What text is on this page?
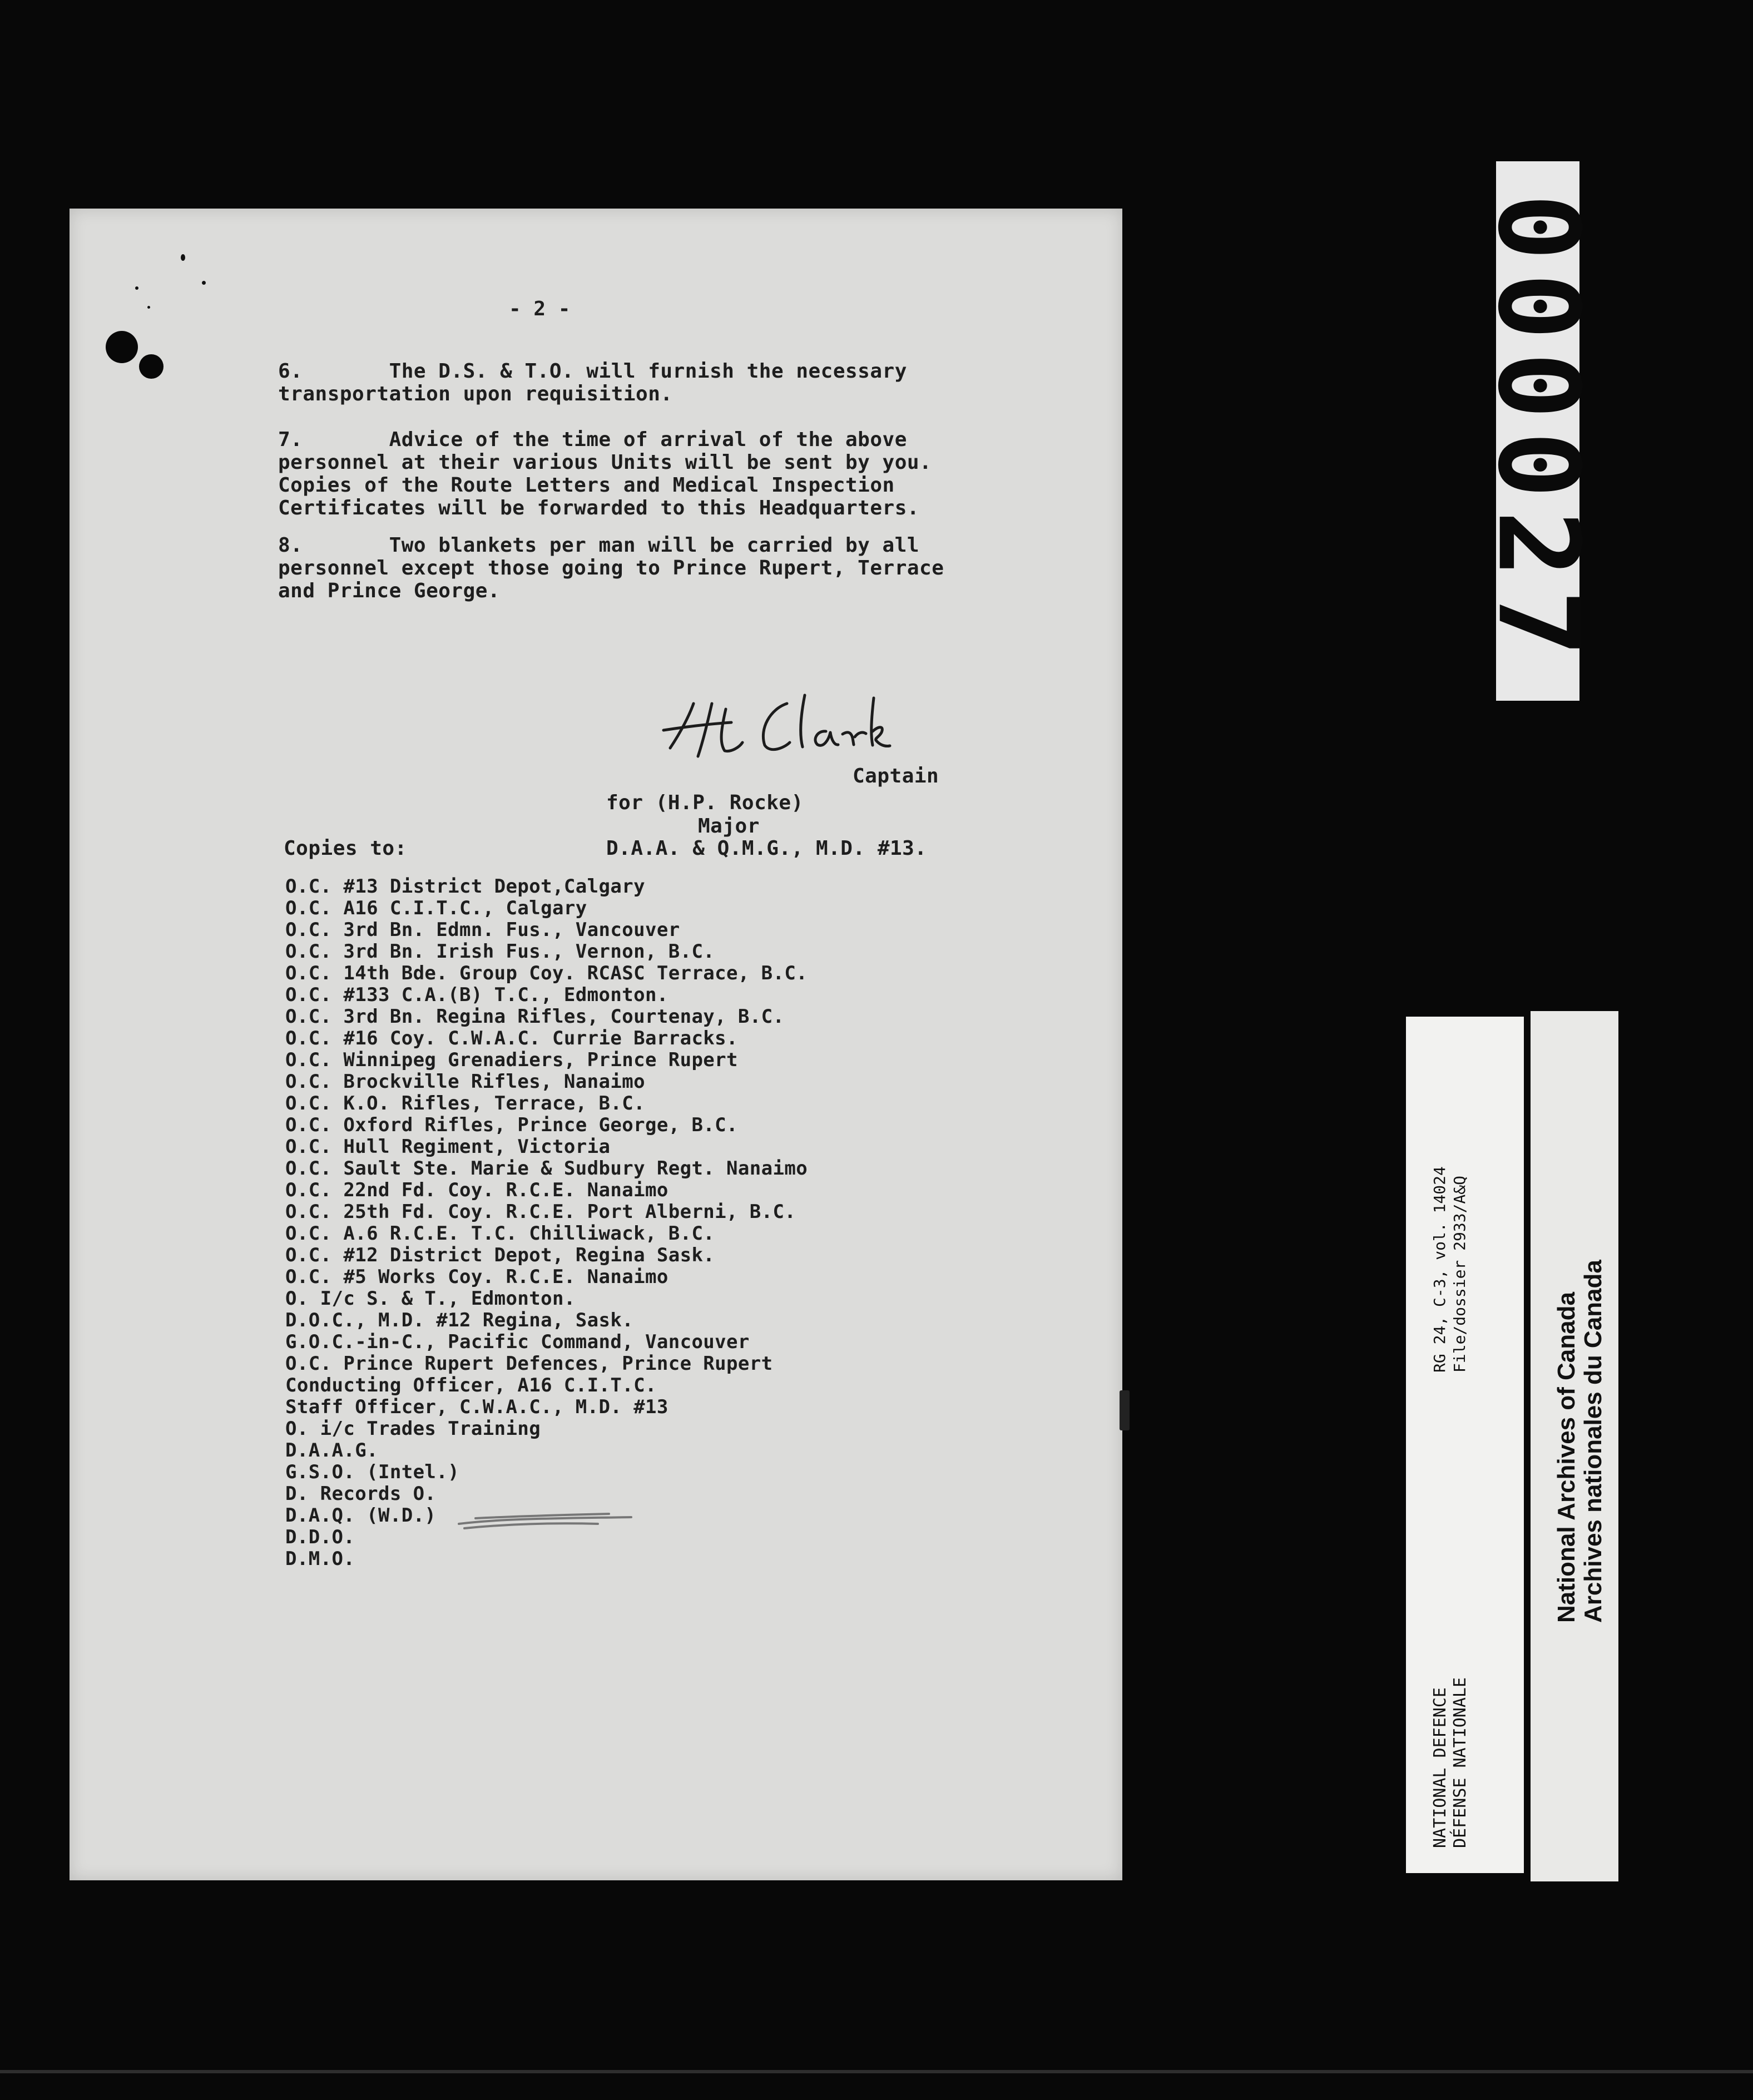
- 2 -
6.	The D.S. & T.O. will furnish the necessary
transportation upon requisition.
7.	Advice of the time of arrival of the above
personnel at their various Units will be sent by you.
Copies of the Route Letters and Medical Inspection
Certificates will be forwarded to this Headquarters.
8.	Two blankets per man will be carried by all
personnel except those going to Prince Rupert, Terrace
and Prince George.
Captain
for (H.P. Rocke)
Major
Copies to:	D.A.A. & Q.M.G., M.D. #13.
O.C. #13 District Depot,Calgary
O.C. A16 C.I.T.C., Calgary
O.C. 3rd Bn. Edmn. Fus., Vancouver
O.C. 3rd Bn. Irish Fus., Vernon, B.C.
O.C. 14th Bde. Group Coy. RCASC Terrace, B.C.
O.C. #133 C.A.(B) T.C., Edmonton.
O.C. 3rd Bn. Regina Rifles, Courtenay, B.C.
O.C. #16 Coy. C.W.A.C. Currie Barracks.
O.C. Winnipeg Grenadiers, Prince Rupert
O.C. Brockville Rifles, Nanaimo
O.C. K.O. Rifles, Terrace, B.C.
O.C. Oxford Rifles, Prince George, B.C.
O.C. Hull Regiment, Victoria
O.C. Sault Ste. Marie & Sudbury Regt. Nanaimo
O.C. 22nd Fd. Coy. R.C.E. Nanaimo
O.C. 25th Fd. Coy. R.C.E. Port Alberni, B.C.
O.C. A.6 R.C.E. T.C. Chilliwack, B.C.
O.C. #12 District Depot, Regina Sask.
O.C. #5 Works Coy. R.C.E. Nanaimo
O. I/c S. & T., Edmonton.
D.O.C., M.D. #12 Regina, Sask.
G.O.C.-in-C., Pacific Command, Vancouver
O.C. Prince Rupert Defences, Prince Rupert
Conducting Officer, A16 C.I.T.C.
Staff Officer, C.W.A.C., M.D. #13
O. i/c Trades Training
D.A.A.G.
G.S.O. (Intel.)
D. Records O.
D.A.Q. (W.D.)
D.D.O.
D.M.O.
000027
RG 24, C-3, vol. 14024 File/dossier 2933/A&Q
NATIONAL DEFENCE DÉFENSE NATIONALE
National Archives of Canada Archives nationales du Canada
